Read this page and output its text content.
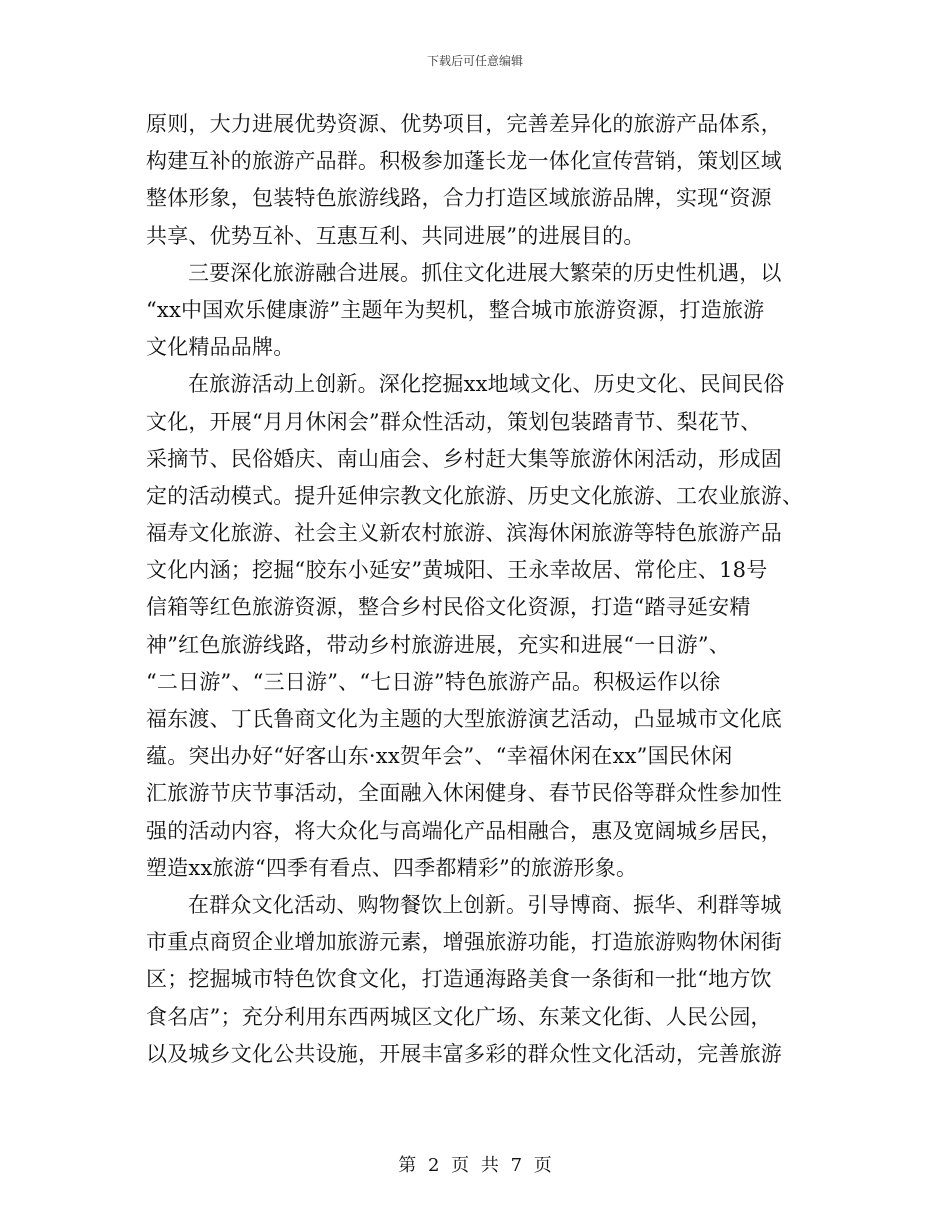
下载后可任意编辑
原则，大力进展优势资源、优势项目，完善差异化的旅游产品体系，
构建互补的旅游产品群。积极参加蓬长龙一体化宣传营销，策划区域
整体形象，包装特色旅游线路，合力打造区域旅游品牌，实现“资源
共享、优势互补、互惠互利、共同进展”的进展目的。
三要深化旅游融合进展。抓住文化进展大繁荣的历史性机遇，以
“xx中国欢乐健康游”主题年为契机，整合城市旅游资源，打造旅游
文化精品品牌。
在旅游活动上创新。深化挖掘xx地域文化、历史文化、民间民俗
文化，开展“月月休闲会”群众性活动，策划包装踏青节、梨花节、
采摘节、民俗婚庆、南山庙会、乡村赶大集等旅游休闲活动，形成固
定的活动模式。提升延伸宗教文化旅游、历史文化旅游、工农业旅游、
福寿文化旅游、社会主义新农村旅游、滨海休闲旅游等特色旅游产品
文化内涵；挖掘“胶东小延安”黄城阳、王永幸故居、常伦庄、18号
信箱等红色旅游资源，整合乡村民俗文化资源，打造“踏寻延安精
神”红色旅游线路，带动乡村旅游进展，充实和进展“一日游”、
“二日游”、“三日游”、“七日游”特色旅游产品。积极运作以徐
福东渡、丁氏鲁商文化为主题的大型旅游演艺活动，凸显城市文化底
蕴。突出办好“好客山东·xx贺年会”、“幸福休闲在xx”国民休闲
汇旅游节庆节事活动，全面融入休闲健身、春节民俗等群众性参加性
强的活动内容，将大众化与高端化产品相融合，惠及宽阔城乡居民，
塑造xx旅游“四季有看点、四季都精彩”的旅游形象。
在群众文化活动、购物餐饮上创新。引导博商、振华、利群等城
市重点商贸企业增加旅游元素，增强旅游功能，打造旅游购物休闲街
区；挖掘城市特色饮食文化，打造通海路美食一条街和一批“地方饮
食名店”；充分利用东西两城区文化广场、东莱文化街、人民公园，
以及城乡文化公共设施，开展丰富多彩的群众性文化活动，完善旅游
第 2 页 共 7 页
